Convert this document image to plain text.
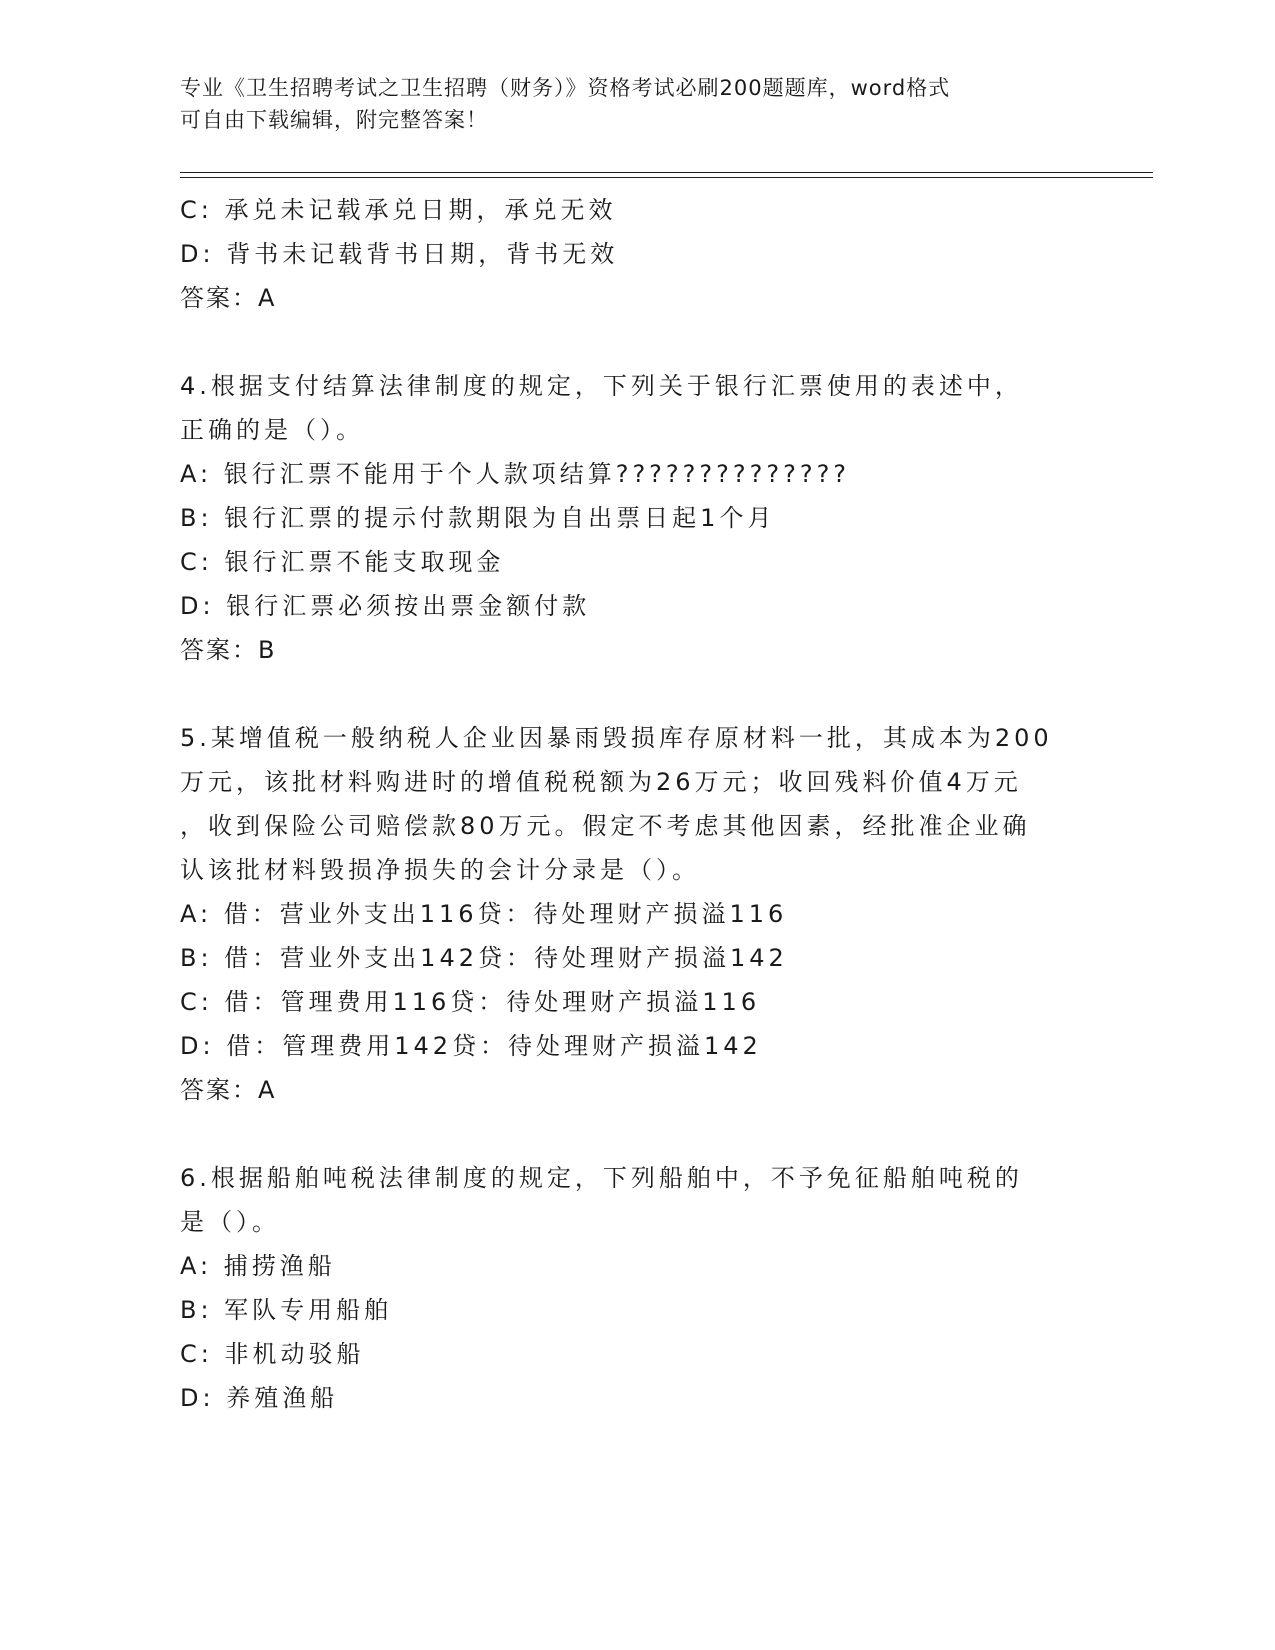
专业《卫生招聘考试之卫生招聘（财务）》资格考试必刷200题题库，word格式
可自由下载编辑，附完整答案！
C: 承兑未记载承兑日期，承兑无效
D: 背书未记载背书日期，背书无效
答案：A
4.根据支付结算法律制度的规定，下列关于银行汇票使用的表述中，
正确的是（）。
A: 银行汇票不能用于个人款项结算??????????????
B: 银行汇票的提示付款期限为自出票日起1个月
C: 银行汇票不能支取现金
D: 银行汇票必须按出票金额付款
答案：B
5.某增值税一般纳税人企业因暴雨毁损库存原材料一批，其成本为200
万元，该批材料购进时的增值税税额为26万元；收回残料价值4万元
，收到保险公司赔偿款80万元。假定不考虑其他因素，经批准企业确
认该批材料毁损净损失的会计分录是（）。
A: 借：营业外支出116贷：待处理财产损溢116
B: 借：营业外支出142贷：待处理财产损溢142
C: 借：管理费用116贷：待处理财产损溢116
D: 借：管理费用142贷：待处理财产损溢142
答案：A
6.根据船舶吨税法律制度的规定，下列船舶中，不予免征船舶吨税的
是（）。
A: 捕捞渔船
B: 军队专用船舶
C: 非机动驳船
D: 养殖渔船
